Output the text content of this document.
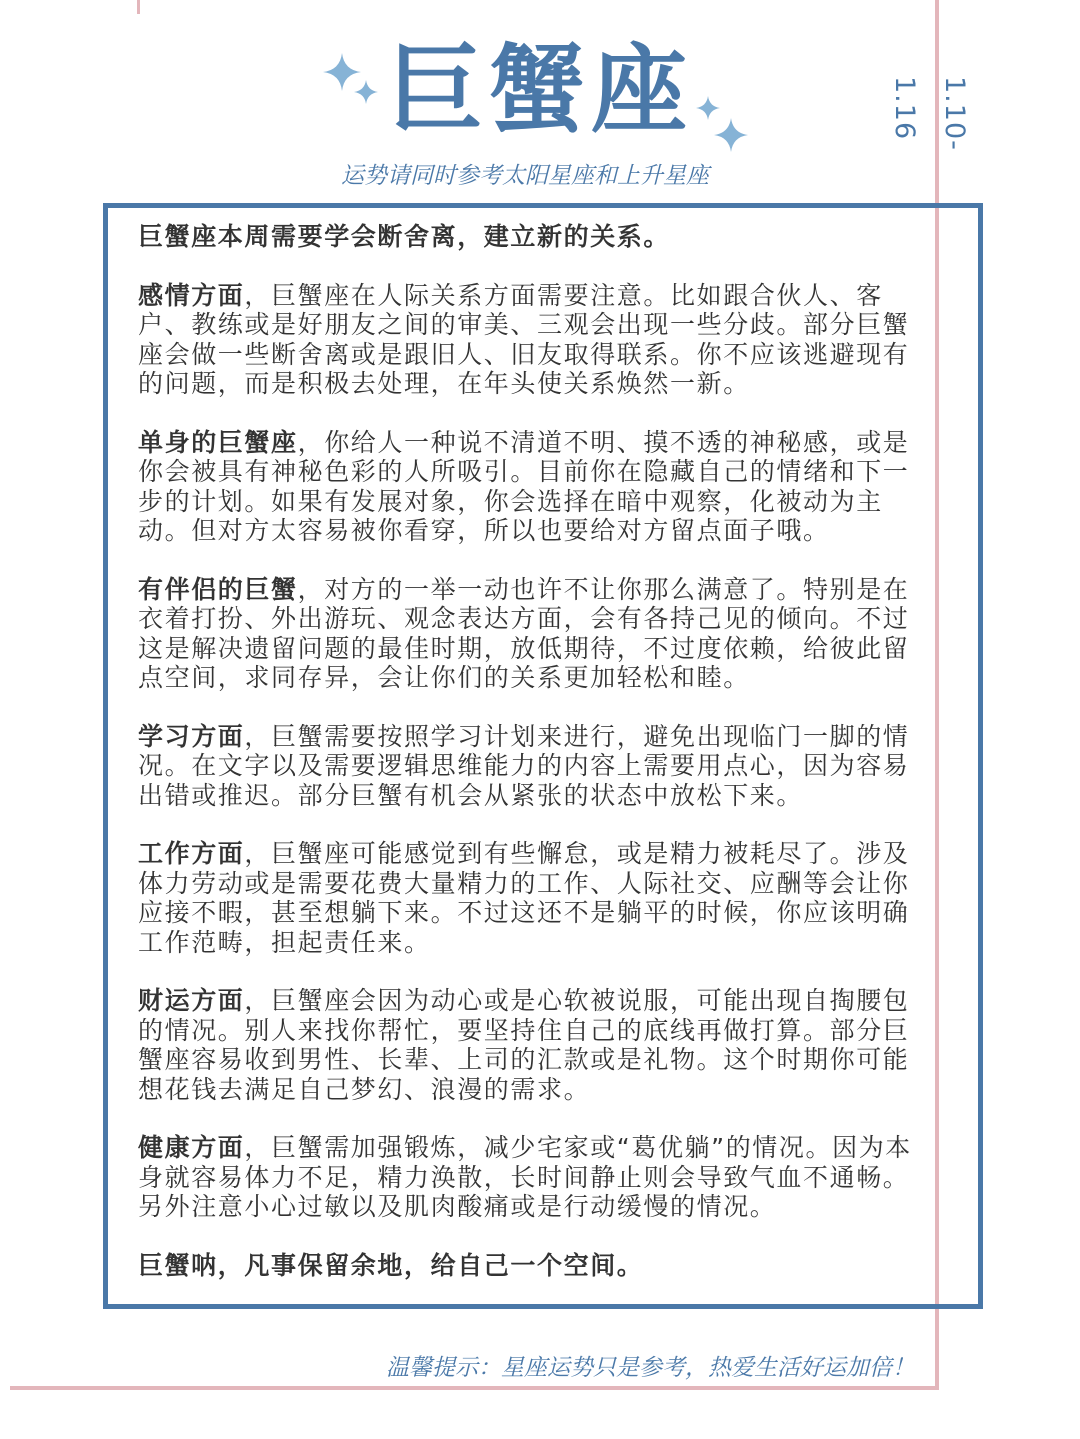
巨蟹座
运势请同时参考太阳星座和上升星座
1.10-1.16

巨蟹座本周需要学会断舍离，建立新的关系。

感情方面，巨蟹座在人际关系方面需要注意。比如跟合伙人、客户、教练或是好朋友之间的审美、三观会出现一些分歧。部分巨蟹座会做一些断舍离或是跟旧人、旧友取得联系。你不应该逃避现有的问题，而是积极去处理，在年头使关系焕然一新。

单身的巨蟹座，你给人一种说不清道不明、摸不透的神秘感，或是你会被具有神秘色彩的人所吸引。目前你在隐藏自己的情绪和下一步的计划。如果有发展对象，你会选择在暗中观察，化被动为主动。但对方太容易被你看穿，所以也要给对方留点面子哦。

有伴侣的巨蟹，对方的一举一动也许不让你那么满意了。特别是在衣着打扮、外出游玩、观念表达方面，会有各持己见的倾向。不过这是解决遗留问题的最佳时期，放低期待，不过度依赖，给彼此留点空间，求同存异，会让你们的关系更加轻松和睦。

学习方面，巨蟹需要按照学习计划来进行，避免出现临门一脚的情况。在文字以及需要逻辑思维能力的内容上需要用点心，因为容易出错或推迟。部分巨蟹有机会从紧张的状态中放松下来。

工作方面，巨蟹座可能感觉到有些懈怠，或是精力被耗尽了。涉及体力劳动或是需要花费大量精力的工作、人际社交、应酬等会让你应接不暇，甚至想躺下来。不过这还不是躺平的时候，你应该明确工作范畴，担起责任来。

财运方面，巨蟹座会因为动心或是心软被说服，可能出现自掏腰包的情况。别人来找你帮忙，要坚持住自己的底线再做打算。部分巨蟹座容易收到男性、长辈、上司的汇款或是礼物。这个时期你可能想花钱去满足自己梦幻、浪漫的需求。

健康方面，巨蟹需加强锻炼，减少宅家或“葛优躺”的情况。因为本身就容易体力不足，精力涣散，长时间静止则会导致气血不通畅。另外注意小心过敏以及肌肉酸痛或是行动缓慢的情况。

巨蟹呐，凡事保留余地，给自己一个空间。

温馨提示：星座运势只是参考，热爱生活好运加倍！
